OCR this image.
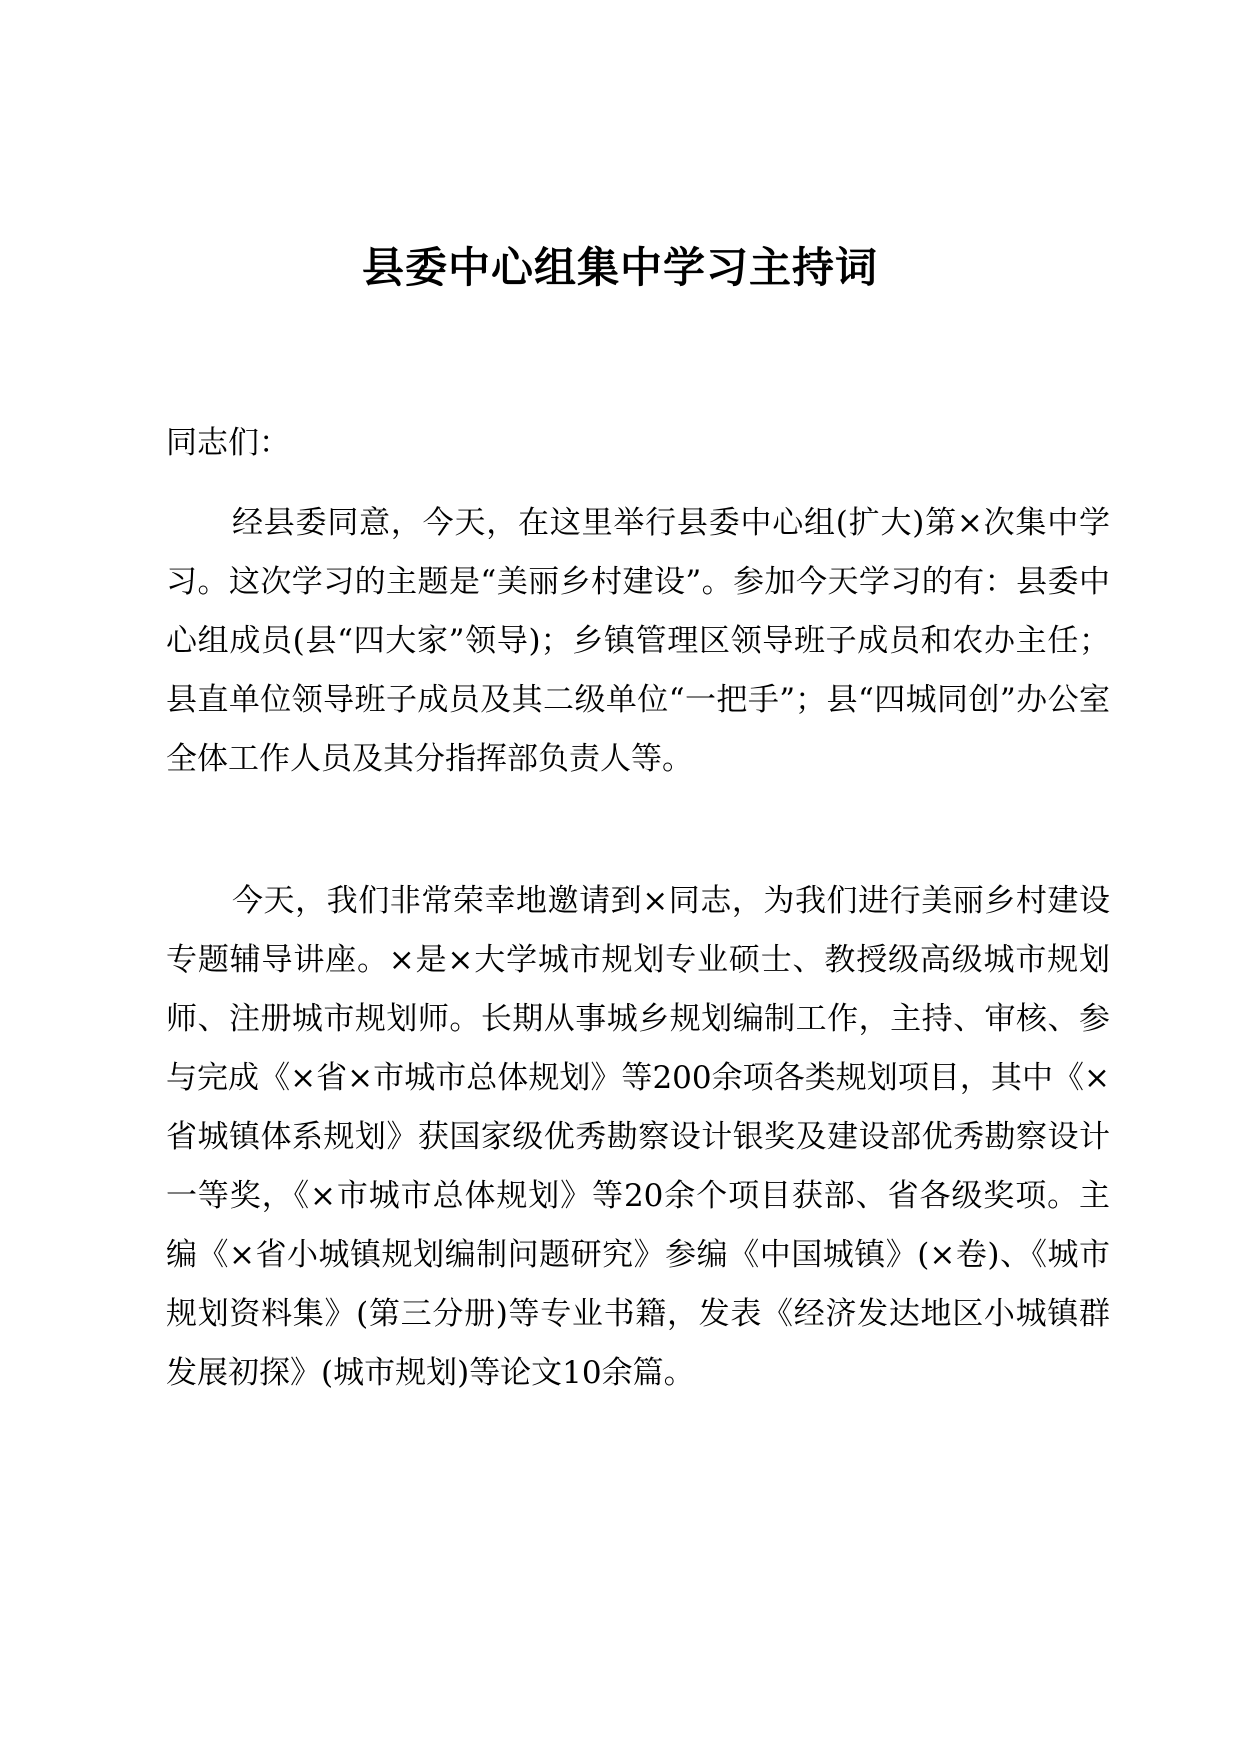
县委中心组集中学习主持词
同志们：

经县委同意，今天，在这里举行县委中心组(扩大)第×次集中学习。这次学习的主题是“美丽乡村建设”。参加今天学习的有：县委中心组成员(县“四大家”领导)；乡镇管理区领导班子成员和农办主任；县直单位领导班子成员及其二级单位“一把手”；县“四城同创”办公室全体工作人员及其分指挥部负责人等。

今天，我们非常荣幸地邀请到×同志，为我们进行美丽乡村建设专题辅导讲座。×是×大学城市规划专业硕士、教授级高级城市规划师、注册城市规划师。长期从事城乡规划编制工作，主持、审核、参与完成《×省×市城市总体规划》等200余项各类规划项目，其中《×省城镇体系规划》获国家级优秀勘察设计银奖及建设部优秀勘察设计一等奖，《×市城市总体规划》等20余个项目获部、省各级奖项。主编《×省小城镇规划编制问题研究》参编《中国城镇》(×卷)、《城市规划资料集》(第三分册)等专业书籍，发表《经济发达地区小城镇群发展初探》(城市规划)等论文10余篇。
